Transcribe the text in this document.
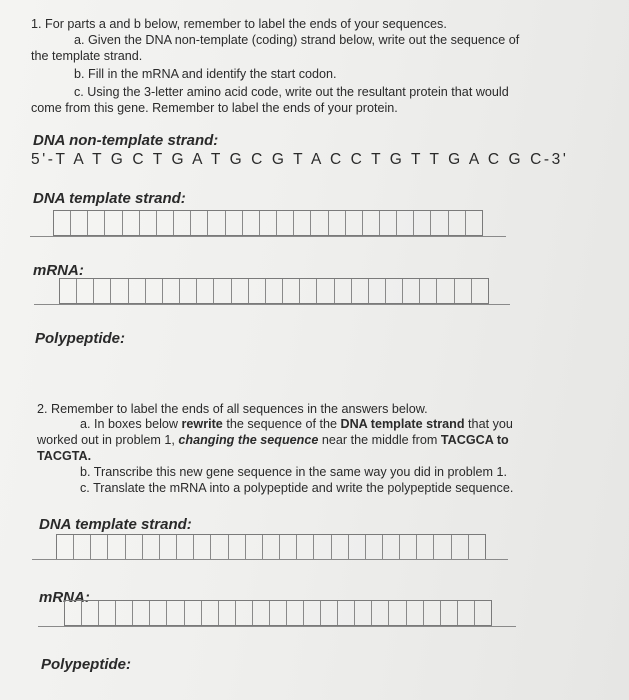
1. For parts a and b below, remember to label the ends of your sequences.
a. Given the DNA non-template (coding) strand below, write out the sequence of
the template strand.
b. Fill in the mRNA and identify the start codon.
c. Using the 3-letter amino acid code, write out the resultant protein that would
come from this gene. Remember to label the ends of your protein.
DNA non-template strand:
5'-T A T G C T G A T G C G T A C C T G T T G A C G C-3'
DNA template strand:
mRNA:
Polypeptide:
2. Remember to label the ends of all sequences in the answers below.
a. In boxes below rewrite the sequence of the DNA template strand that you
worked out in problem 1, changing the sequence near the middle from TACGCA to
TACGTA.
b. Transcribe this new gene sequence in the same way you did in problem 1.
c. Translate the mRNA into a polypeptide and write the polypeptide sequence.
DNA template strand:
mRNA:
Polypeptide:
